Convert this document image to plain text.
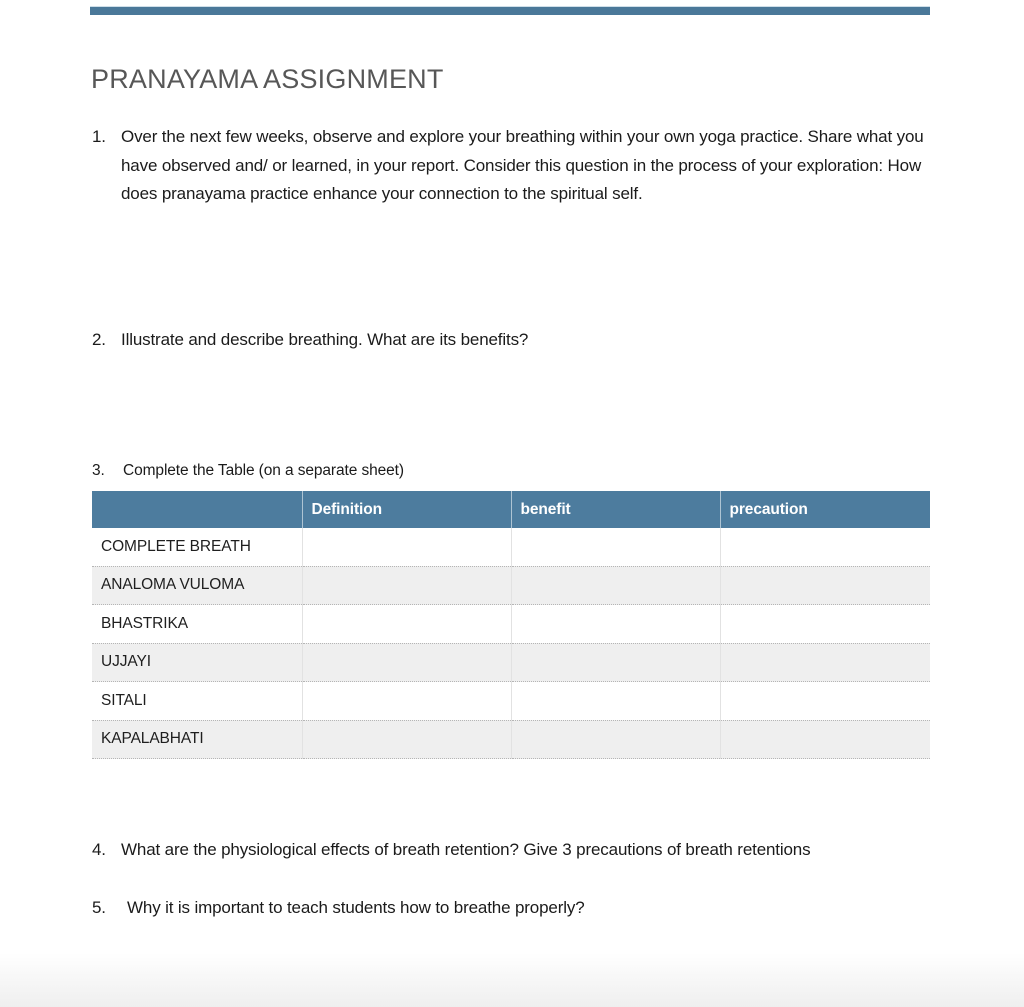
PRANAYAMA ASSIGNMENT
1. Over the next few weeks, observe and explore your breathing within your own yoga practice. Share what you have observed and/ or learned, in your report. Consider this question in the process of your exploration: How does pranayama practice enhance your connection to the spiritual self.
2. Illustrate and describe breathing. What are its benefits?
3.	Complete the Table (on a separate sheet)
	Definition	benefit	precaution
COMPLETE BREATH			
ANALOMA VULOMA			
BHASTRIKA			
UJJAYI			
SITALI			
KAPALABHATI			
4. What are the physiological effects of breath retention? Give 3 precautions of breath retentions
5.	Why it is important to teach students how to breathe properly?
